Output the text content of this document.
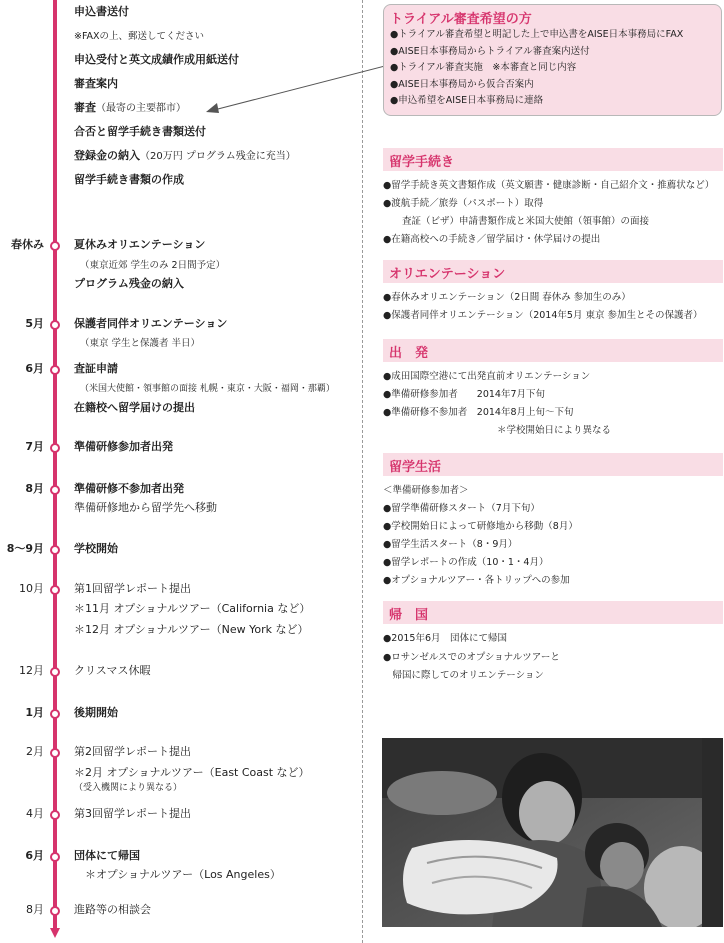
申込書送付
※FAXの上、郵送してください
申込受付と英文成績作成用紙送付
審査案内
審査（最寄の主要都市）
合否と留学手続き書類送付
登録金の納入（20万円 プログラム残金に充当）
留学手続き書類の作成
春休み	夏休みオリエンテーション
（東京近郊 学生のみ 2日間予定）
プログラム残金の納入
5月	保護者同伴オリエンテーション
（東京 学生と保護者 半日）
6月	査証申請
（米国大使館・領事館の面接 札幌・東京・大阪・福岡・那覇）
在籍校へ留学届けの提出
7月	準備研修参加者出発
8月	準備研修不参加者出発
準備研修地から留学先へ移動
8〜9月	学校開始
10月	第1回留学レポート提出
＊11月 オプショナルツアー（California など）
＊12月 オプショナルツアー（New York など）
12月	クリスマス休暇
1月	後期開始
2月	第2回留学レポート提出
＊2月 オプショナルツアー（East Coast など）
（受入機関により異なる）
4月	第3回留学レポート提出
6月	団体にて帰国
　＊オプショナルツアー（Los Angeles）
8月	進路等の相談会
トライアル審査希望の方
●トライアル審査希望と明記した上で申込書をAISE日本事務局にFAX
●AISE日本事務局からトライアル審査案内送付
●トライアル審査実施　※本審査と同じ内容
●AISE日本事務局から仮合否案内
●申込希望をAISE日本事務局に連絡
留学手続き
●留学手続き英文書類作成（英文願書・健康診断・自己紹介文・推薦状など）
●渡航手続／旅券（パスポート）取得
　　査証（ビザ）申請書類作成と米国大使館（領事館）の面接
●在籍高校への手続き／留学届け・休学届けの提出
オリエンテーション
●春休みオリエンテーション（2日間 春休み 参加生のみ）
●保護者同伴オリエンテーション（2014年5月 東京 参加生とその保護者）
出　発
●成田国際空港にて出発直前オリエンテーション
●準備研修参加者　　2014年7月下旬
●準備研修不参加者　2014年8月上旬〜下旬
　　　　　　　　　　　　＊学校開始日により異なる
留学生活
＜準備研修参加者＞
●留学準備研修スタート（7月下旬）
●学校開始日によって研修地から移動（8月）
●留学生活スタート（8・9月）
●留学レポートの作成（10・1・4月）
●オプショナルツアー・各トリップへの参加
帰　国
●2015年6月　団体にて帰国
●ロサンゼルスでのオプショナルツアーと
　帰国に際してのオリエンテーション
